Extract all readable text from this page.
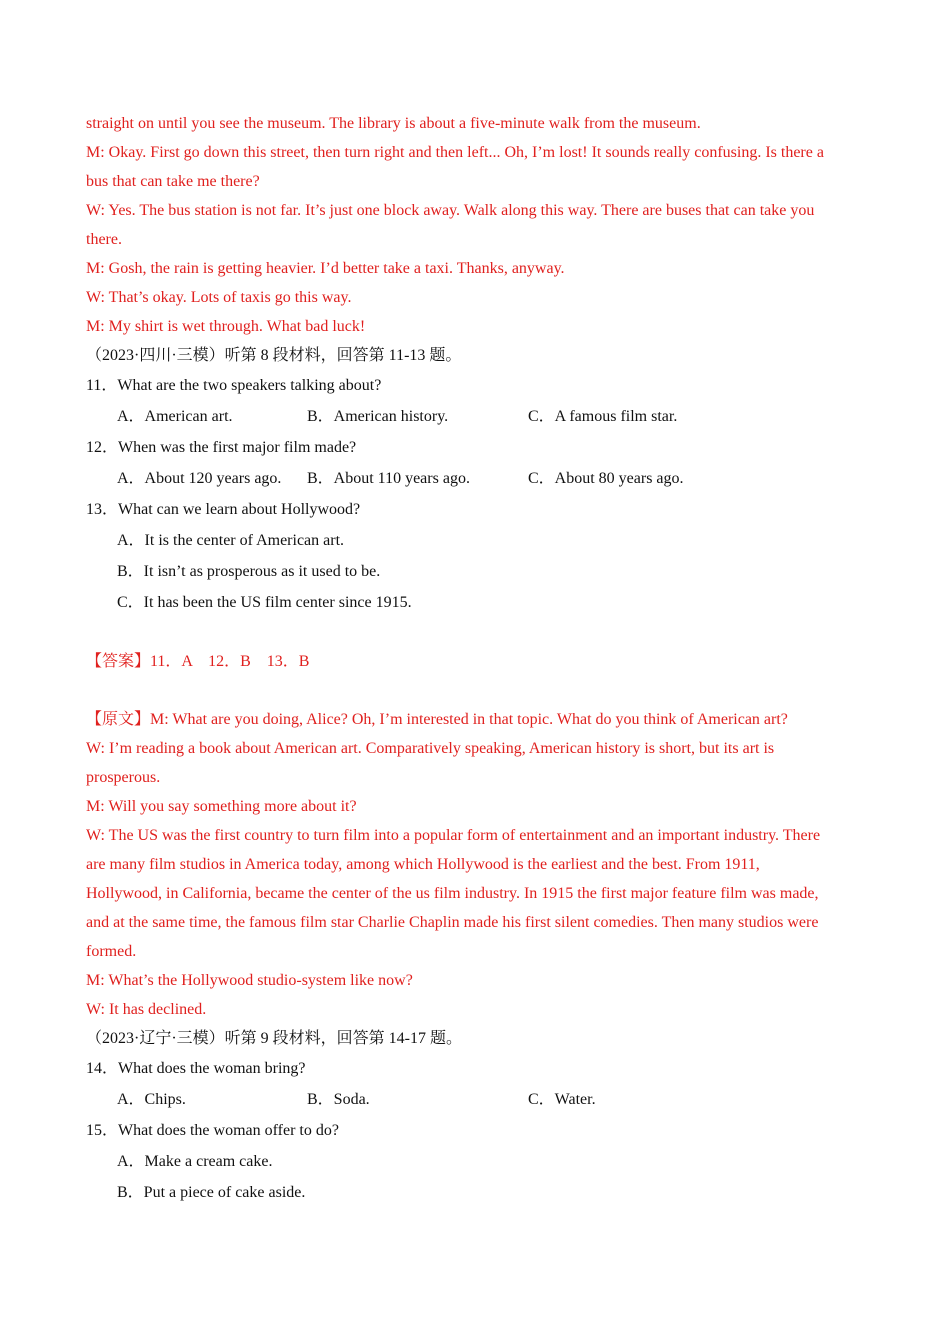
straight on until you see the museum. The library is about a five-minute walk from the museum.
M: Okay. First go down this street, then turn right and then left... Oh, I’m lost! It sounds really confusing. Is there a
bus that can take me there?
W: Yes. The bus station is not far. It’s just one block away. Walk along this way. There are buses that can take you
there.
M: Gosh, the rain is getting heavier. I’d better take a taxi. Thanks, anyway.
W: That’s okay. Lots of taxis go this way.
M: My shirt is wet through. What bad luck!
（2023·四川·三模）听第 8 段材料，回答第 11-13 题。
11．What are the two speakers talking about?
A．American art.	B．American history.	C．A famous film star.
12．When was the first major film made?
A．About 120 years ago.	B．About 110 years ago.	C．About 80 years ago.
13．What can we learn about Hollywood?
A．It is the center of American art.
B．It isn’t as prosperous as it used to be.
C．It has been the US film center since 1915.
【答案】11．A　12．B　13．B
【原文】M: What are you doing, Alice? Oh, I’m interested in that topic. What do you think of American art?
W: I’m reading a book about American art. Comparatively speaking, American history is short, but its art is
prosperous.
M: Will you say something more about it?
W: The US was the first country to turn film into a popular form of entertainment and an important industry. There
are many film studios in America today, among which Hollywood is the earliest and the best. From 1911,
Hollywood, in California, became the center of the us film industry. In 1915 the first major feature film was made,
and at the same time, the famous film star Charlie Chaplin made his first silent comedies. Then many studios were
formed.
M: What’s the Hollywood studio-system like now?
W: It has declined.
（2023·辽宁·三模）听第 9 段材料，回答第 14-17 题。
14．What does the woman bring?
A．Chips.	B．Soda.	C．Water.
15．What does the woman offer to do?
A．Make a cream cake.
B．Put a piece of cake aside.
